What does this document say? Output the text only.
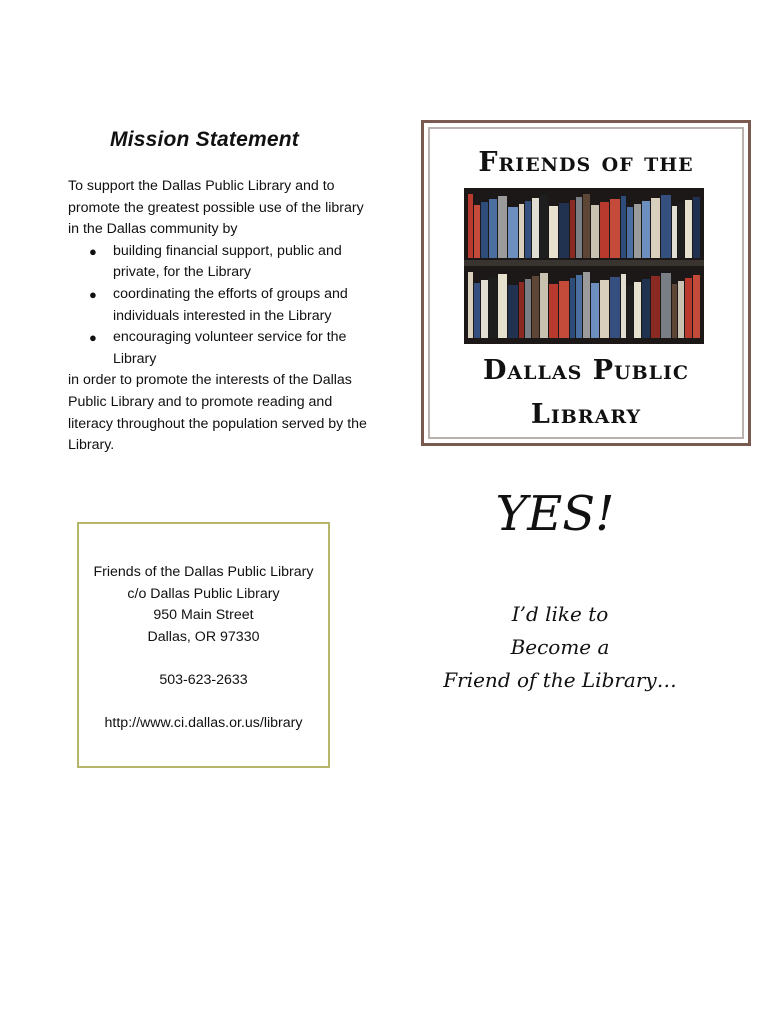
Mission Statement

To support the Dallas Public Library and to promote the greatest possible use of the library in the Dallas community by

● building financial support, public and private, for the Library
● coordinating the efforts of groups and individuals interested in the Library
● encouraging volunteer service for the Library

in order to promote the interests of the Dallas Public Library and to promote reading and literacy throughout the population served by the Library.

Friends of the Dallas Public Library
c/o Dallas Public Library
950 Main Street
Dallas, OR 97330
503-623-2633
http://www.ci.dallas.or.us/library
Friends of the
Dallas Public
Library
YES!
I’d like to
Become a
Friend of the Library…
